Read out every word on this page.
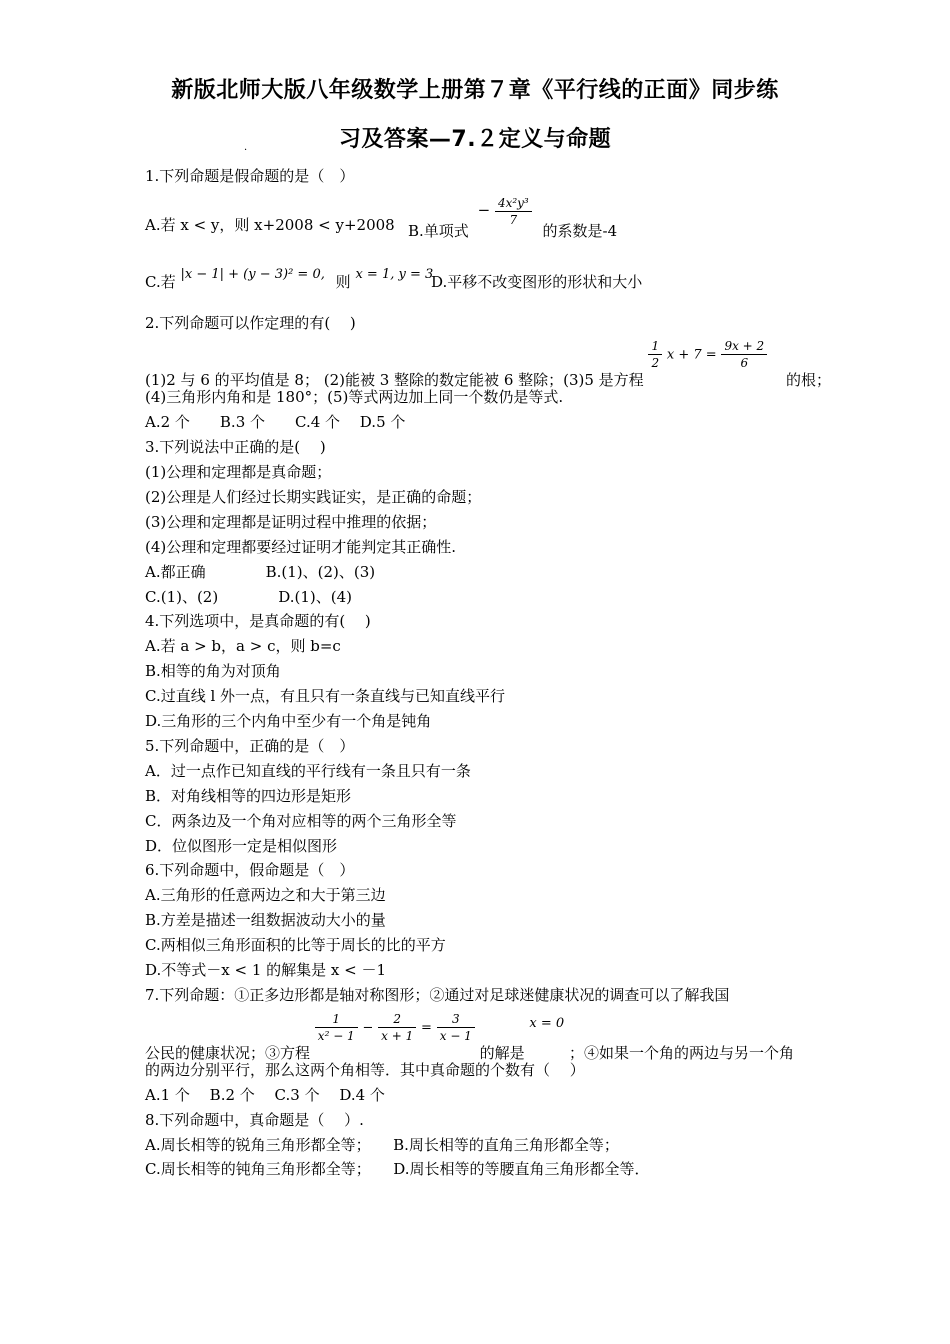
新版北师大版八年级数学上册第７章《平行线的正面》同步练
习及答案—7.２定义与命题
·
1.下列命题是假命题的是（　）
A.若 x < y，则 x+2008 < y+2008 B.单项式 − $\frac{\text{4x²y³}}{7}$
的系数是-4
C.若 |x − 1| + (y − 3)² = 0, 则 x = 1, y = 3
D.平移不改变图形的形状和大小
2.下列命题可以作定理的有(　 )
(1)2 与 6 的平均值是 8； (2)能被 3 整除的数定能被 6 整除；(3)5 是方程
$\frac{1}{2}$ $x + 7 = \frac{9x + 2}{6}$
的根；
(4)三角形内角和是 180°；(5)等式两边加上同一个数仍是等式.
A.2 个　　B.3 个　　C.4 个　 D.5 个
3.下列说法中正确的是(　 )
(1)公理和定理都是真命题；
(2)公理是人们经过长期实践证实，是正确的命题；
(3)公理和定理都是证明过程中推理的依据；
(4)公理和定理都要经过证明才能判定其正确性.
A.都正确　　　　B.(1)、(2)、(3)
C.(1)、(2)　　　　D.(1)、(4)
4.下列选项中，是真命题的有(　 )
A.若 a > b，a > c，则 b=c
B.相等的角为对顶角
C.过直线 l 外一点，有且只有一条直线与已知直线平行
D.三角形的三个内角中至少有一个角是钝角
5.下列命题中，正确的是（　）
A．过一点作已知直线的平行线有一条且只有一条
B．对角线相等的四边形是矩形
C．两条边及一个角对应相等的两个三角形全等
D．位似图形一定是相似图形
6.下列命题中，假命题是（　）
A.三角形的任意两边之和大于第三边
B.方差是描述一组数据波动大小的量
C.两相似三角形面积的比等于周长的比的平方
D.不等式－x < 1 的解集是 x < －1
7.下列命题：①正多边形都是轴对称图形；②通过对足球迷健康状况的调查可以了解我国
公民的健康状况；③方程
$\frac{1}{\text{x² − 1}} - \frac{2}{x + 1} = \frac{3}{x - 1}$
的解是 x = 0 ；④如果一个角的两边与另一个角
的两边分别平行，那么这两个角相等．其中真命题的个数有（　 ）
A.1 个　 B.2 个　 C.3 个　 D.4 个
8.下列命题中，真命题是（　 ）.
A.周长相等的锐角三角形都全等；　　B.周长相等的直角三角形都全等；
C.周长相等的钝角三角形都全等；　　D.周长相等的等腰直角三角形都全等．
